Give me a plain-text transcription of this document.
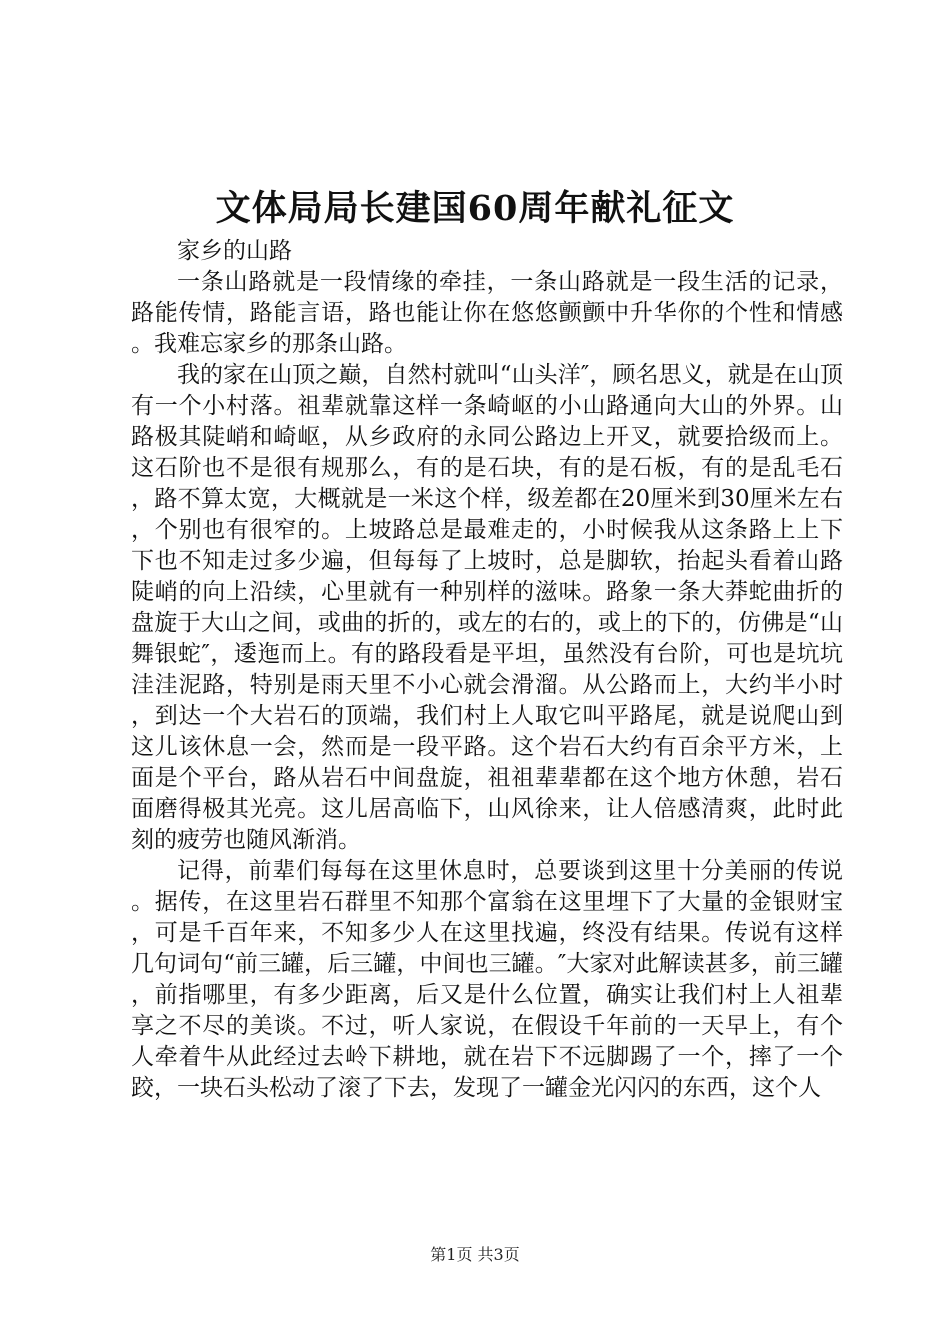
文体局局长建国60周年献礼征文

家乡的山路

一条山路就是一段情缘的牵挂，一条山路就是一段生活的记录，路能传情，路能言语，路也能让你在悠悠颤颤中升华你的个性和情感。我难忘家乡的那条山路。

我的家在山顶之巅，自然村就叫“山头洋″，顾名思义，就是在山顶有一个小村落。祖辈就靠这样一条崎岖的小山路通向大山的外界。山路极其陡峭和崎岖，从乡政府的永同公路边上开叉，就要拾级而上。这石阶也不是很有规那么，有的是石块，有的是石板，有的是乱毛石，路不算太宽，大概就是一米这个样，级差都在20厘米到30厘米左右，个别也有很窄的。上坡路总是最难走的，小时候我从这条路上上下下也不知走过多少遍，但每每了上坡时，总是脚软，抬起头看着山路陡峭的向上沿续，心里就有一种别样的滋味。路象一条大莽蛇曲折的盘旋于大山之间，或曲的折的，或左的右的，或上的下的，仿佛是“山舞银蛇″，逶迤而上。有的路段看是平坦，虽然没有台阶，可也是坑坑洼洼泥路，特别是雨天里不小心就会滑溜。从公路而上，大约半小时，到达一个大岩石的顶端，我们村上人取它叫平路尾，就是说爬山到这儿该休息一会，然而是一段平路。这个岩石大约有百余平方米，上面是个平台，路从岩石中间盘旋，祖祖辈辈都在这个地方休憩，岩石面磨得极其光亮。这儿居高临下，山风徐来，让人倍感清爽，此时此刻的疲劳也随风渐消。

记得，前辈们每每在这里休息时，总要谈到这里十分美丽的传说。据传，在这里岩石群里不知那个富翁在这里埋下了大量的金银财宝，可是千百年来，不知多少人在这里找遍，终没有结果。传说有这样几句词句“前三罐，后三罐，中间也三罐。″大家对此解读甚多，前三罐，前指哪里，有多少距离，后又是什么位置，确实让我们村上人祖辈享之不尽的美谈。不过，听人家说，在假设千年前的一天早上，有个人牵着牛从此经过去岭下耕地，就在岩下不远脚踢了一个，摔了一个跤，一块石头松动了滚了下去，发现了一罐金光闪闪的东西，这个人

第1页 共3页
